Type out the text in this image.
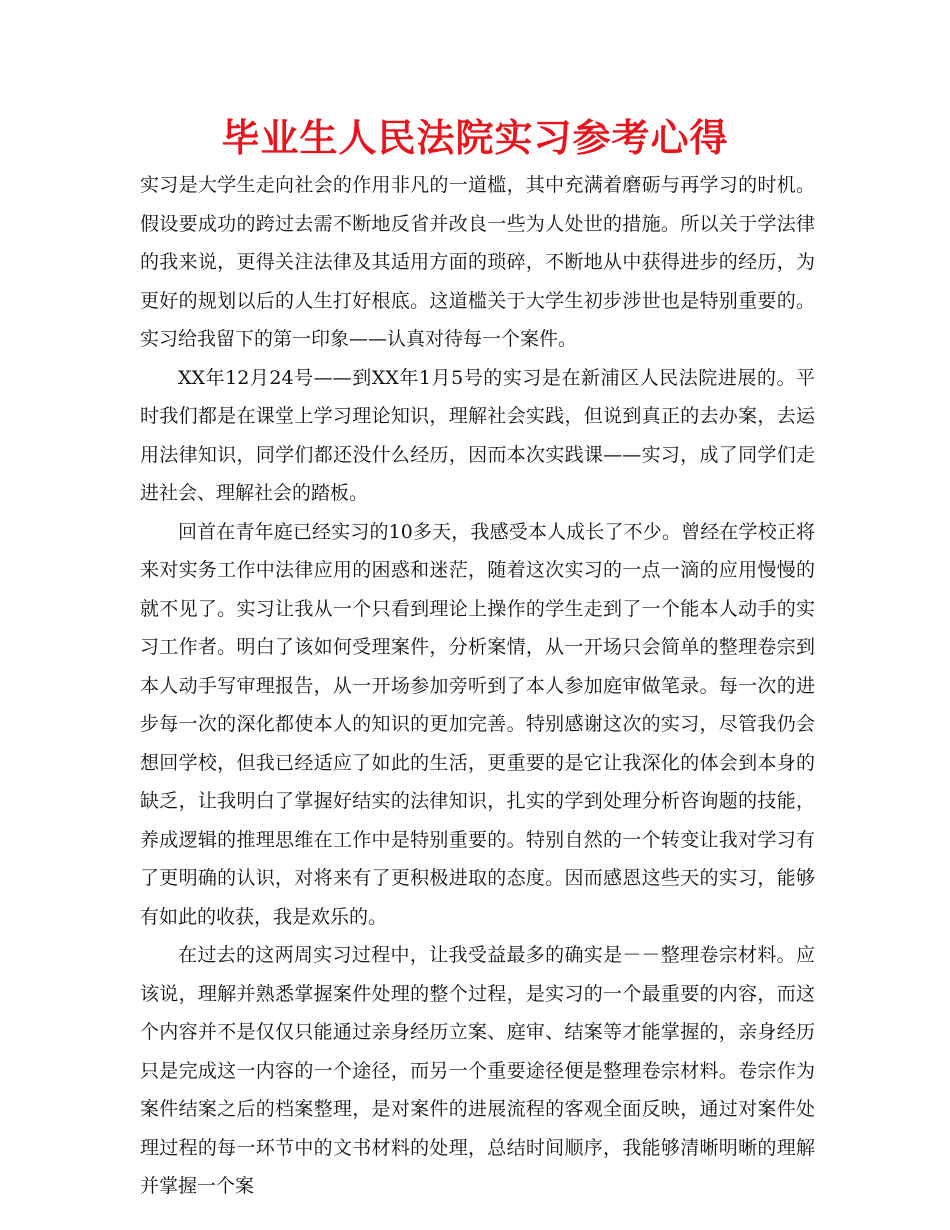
毕业生人民法院实习参考心得

实习是大学生走向社会的作用非凡的一道槛，其中充满着磨砺与再学习的时机。假设要成功的跨过去需不断地反省并改良一些为人处世的措施。所以关于学法律的我来说，更得关注法律及其适用方面的琐碎，不断地从中获得进步的经历，为更好的规划以后的人生打好根底。这道槛关于大学生初步涉世也是特别重要的。实习给我留下的第一印象——认真对待每一个案件。

XX年12月24号——到XX年1月5号的实习是在新浦区人民法院进展的。平时我们都是在课堂上学习理论知识，理解社会实践，但说到真正的去办案，去运用法律知识，同学们都还没什么经历，因而本次实践课——实习，成了同学们走进社会、理解社会的踏板。

回首在青年庭已经实习的10多天，我感受本人成长了不少。曾经在学校正将来对实务工作中法律应用的困惑和迷茫，随着这次实习的一点一滴的应用慢慢的就不见了。实习让我从一个只看到理论上操作的学生走到了一个能本人动手的实习工作者。明白了该如何受理案件，分析案情，从一开场只会简单的整理卷宗到本人动手写审理报告，从一开场参加旁听到了本人参加庭审做笔录。每一次的进步每一次的深化都使本人的知识的更加完善。特别感谢这次的实习，尽管我仍会想回学校，但我已经适应了如此的生活，更重要的是它让我深化的体会到本身的缺乏，让我明白了掌握好结实的法律知识，扎实的学到处理分析咨询题的技能，养成逻辑的推理思维在工作中是特别重要的。特别自然的一个转变让我对学习有了更明确的认识，对将来有了更积极进取的态度。因而感恩这些天的实习，能够有如此的收获，我是欢乐的。

在过去的这两周实习过程中，让我受益最多的确实是－－整理卷宗材料。应该说，理解并熟悉掌握案件处理的整个过程，是实习的一个最重要的内容，而这个内容并不是仅仅只能通过亲身经历立案、庭审、结案等才能掌握的，亲身经历只是完成这一内容的一个途径，而另一个重要途径便是整理卷宗材料。卷宗作为案件结案之后的档案整理，是对案件的进展流程的客观全面反映，通过对案件处理过程的每一环节中的文书材料的处理，总结时间顺序，我能够清晰明晰的理解并掌握一个案
